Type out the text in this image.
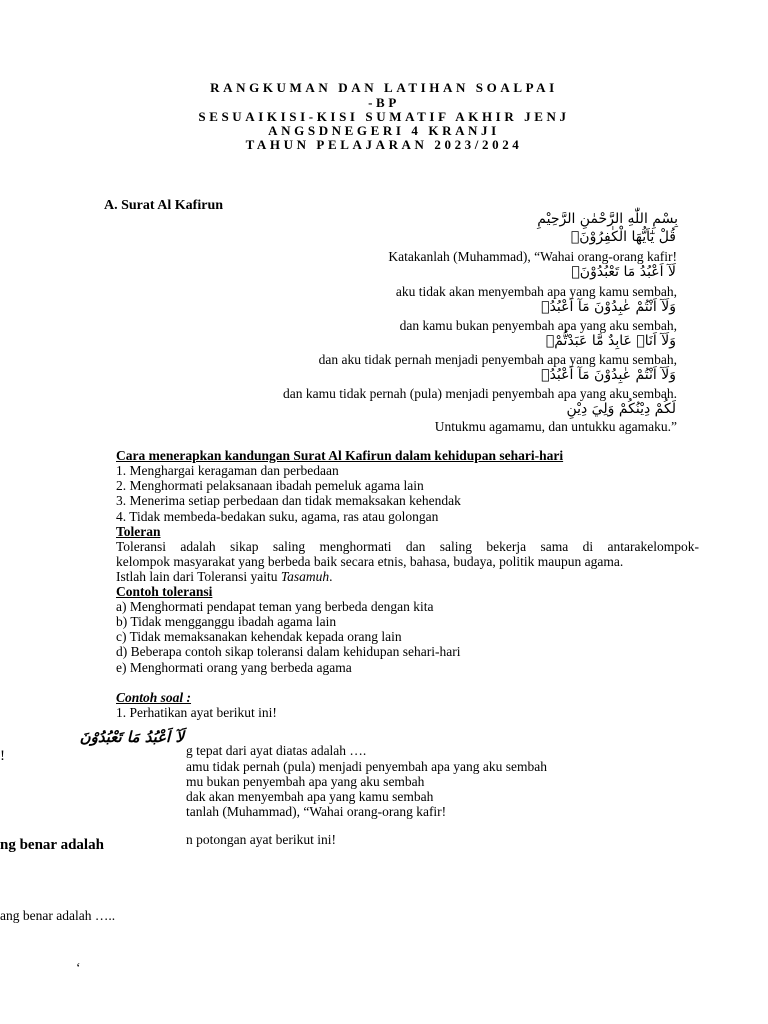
RANGKUMAN DAN LATIHAN SOALPAI
-BP
SESUAIKISI-KISI SUMATIF AKHIR JENJ
ANGSDNEGERI 4 KRANJI
TAHUN PELAJARAN 2023/2024
A. Surat Al Kafirun
بِسْمِ اللّٰهِ الرَّحْمٰنِ الرَّحِيْمِ
قُلْ يٰٓاَيُّهَا الْكٰفِرُوْنَۙ
Katakanlah (Muhammad), “Wahai orang-orang kafir!
لَآ اَعْبُدُ مَا تَعْبُدُوْنَۙ
aku tidak akan menyembah apa yang kamu sembah,
وَلَآ اَنْتُمْ عٰبِدُوْنَ مَآ اَعْبُدُۚ
dan kamu bukan penyembah apa yang aku sembah,
وَلَآ اَنَا۠ عَابِدٌ مَّا عَبَدْتُّمْۙ
dan aku tidak pernah menjadi penyembah apa yang kamu sembah,
وَلَآ اَنْتُمْ عٰبِدُوْنَ مَآ اَعْبُدُۗ
dan kamu tidak pernah (pula) menjadi penyembah apa yang aku sembah.
لَكُمْ دِيْنُكُمْ وَلِيَ دِيْنِ
Untukmu agamamu, dan untukku agamaku.”
Cara menerapkan kandungan Surat Al Kafirun dalam kehidupan sehari-hari
1. Menghargai keragaman dan perbedaan
2. Menghormati pelaksanaan ibadah pemeluk agama lain
3. Menerima setiap perbedaan dan tidak memaksakan kehendak
4. Tidak membeda-bedakan suku, agama, ras atau golongan
Toleran
Toleransi adalah sikap saling menghormati dan saling bekerja sama di antarakelompok-
kelompok masyarakat yang berbeda baik secara etnis, bahasa, budaya, politik maupun agama.
Istlah lain dari Toleransi yaitu Tasamuh.
Contoh toleransi
a) Menghormati pendapat teman yang berbeda dengan kita
b) Tidak mengganggu ibadah agama lain
c) Tidak memaksanakan kehendak kepada orang lain
d) Beberapa contoh sikap toleransi dalam kehidupan sehari-hari
e) Menghormati orang yang berbeda agama
Contoh soal :
1. Perhatikan ayat berikut ini!
لَآ اَعْبُدُ مَا تَعْبُدُوْنَ
g tepat dari ayat diatas adalah ….
amu tidak pernah (pula) menjadi penyembah apa yang aku sembah
mu bukan penyembah apa yang aku sembah
dak akan menyembah apa yang kamu sembah
tanlah (Muhammad), “Wahai orang-orang kafir!
n potongan ayat berikut ini!
!
ng benar adalah
ang benar adalah …..
‘
